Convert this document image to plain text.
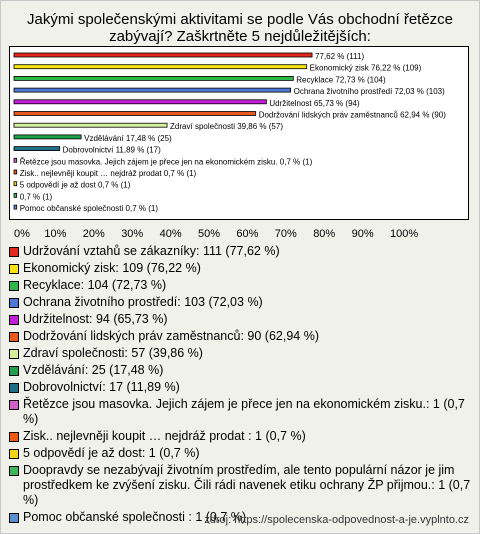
Jakými společenskými aktivitami se podle Vás obchodní řetězce zabývají? Zaškrtněte 5 nejdůležitějších:
77,62 % (111)
Ekonomický zisk 76,22 % (109)
Recyklace 72,73 % (104)
Ochrana životního prostředí 72,03 % (103)
Udržitelnost 65,73 % (94)
Dodržování lidských práv zaměstnanců 62,94 % (90)
Zdraví společnosti 39,86 % (57)
Vzdělávání 17,48 % (25)
Dobrovolnictví 11,89 % (17)
Řetězce jsou masovka. Jejich zájem je přece jen na ekonomickém zisku. 0,7 % (1)
Zisk.. nejlevněji koupit … nejdráž prodat 0,7 % (1)
5 odpovědí je až dost 0,7 % (1)
0,7 % (1)
Pomoc občanské společnosti 0,7 % (1)
0% 10% 20% 30% 40% 50% 60% 70% 80% 90% 100%
Udržování vztahů se zákazníky: 111 (77,62 %)
Ekonomický zisk: 109 (76,22 %)
Recyklace: 104 (72,73 %)
Ochrana životního prostředí: 103 (72,03 %)
Udržitelnost: 94 (65,73 %)
Dodržování lidských práv zaměstnanců: 90 (62,94 %)
Zdraví společnosti: 57 (39,86 %)
Vzdělávání: 25 (17,48 %)
Dobrovolnictví: 17 (11,89 %)
Řetězce jsou masovka. Jejich zájem je přece jen na ekonomickém zisku.: 1 (0,7 %)
Zisk.. nejlevněji koupit … nejdráž prodat : 1 (0,7 %)
5 odpovědí je až dost: 1 (0,7 %)
Doopravdy se nezabývají životním prostředím, ale tento populární názor je jim prostředkem ke zvýšení zisku. Čili rádi navenek etiku ochrany ŽP přijmou.: 1 (0,7 %)
Pomoc občanské společnosti : 1 (0,7 %)
zdroj: https://spolecenska-odpovednost-a-je.vyplnto.cz
